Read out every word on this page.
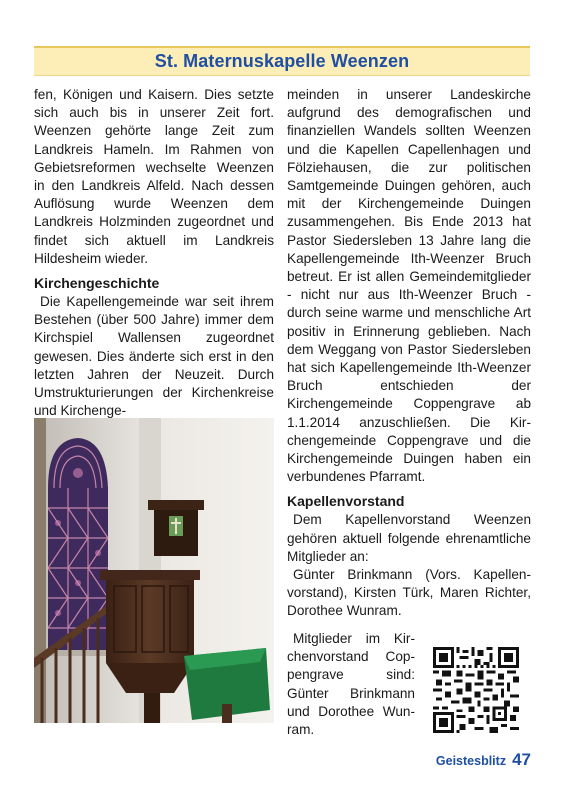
St. Maternuskapelle Weenzen

fen, Königen und Kaisern. Dies setzte sich auch bis in unserer Zeit fort. Weenzen gehörte lange Zeit zum Landkreis Hameln. Im Rahmen von Gebietsreformen wechselte Weenzen in den Landkreis Alfeld. Nach dessen Auflösung wurde Weenzen dem Landkreis Holzminden zugeordnet und findet sich aktuell im Landkreis Hildesheim wieder.

Kirchengeschichte

Die Kapellengemeinde war seit ihrem Bestehen (über 500 Jahre) immer dem Kirchspiel Wallensen zugeordnet gewesen. Dies änderte sich erst in den letzten Jahren der Neuzeit. Durch Umstrukturierungen der Kirchenkreise und Kirchenge-

meinden in unserer Landeskirche aufgrund des demografischen und finanziellen Wandels sollten Weenzen und die Kapellen Capellenhagen und Fölziehausen, die zur politischen Samtgemeinde Duingen gehören, auch mit der Kirchengemeinde Duingen zusammengehen. Bis Ende 2013 hat Pastor Siedersleben 13 Jahre lang die Kapellengemeinde Ith-Weenzer Bruch betreut. Er ist allen Gemeindemitglieder - nicht nur aus Ith-Weenzer Bruch - durch seine warme und menschliche Art positiv in Erinnerung geblieben. Nach dem Weggang von Pastor Siedersleben hat sich Kapellengemeinde Ith-Weenzer Bruch entschieden der Kirchengemeinde Coppengrave ab 1.1.2014 anzuschließen. Die Kirchengemeinde Coppengrave und die Kirchengemeinde Duingen haben ein verbundenes Pfarramt.

Kapellenvorstand

Dem Kapellenvorstand Weenzen gehören aktuell folgende ehrenamtliche Mitglieder an:

Günter Brinkmann (Vors. Kapellenvorstand), Kirsten Türk, Maren Richter, Dorothee Wunram.

Mitglieder im Kirchenvorstand Coppengrave sind: Günter Brinkmann und Dorothee Wunram.

Geistesblitz 47
